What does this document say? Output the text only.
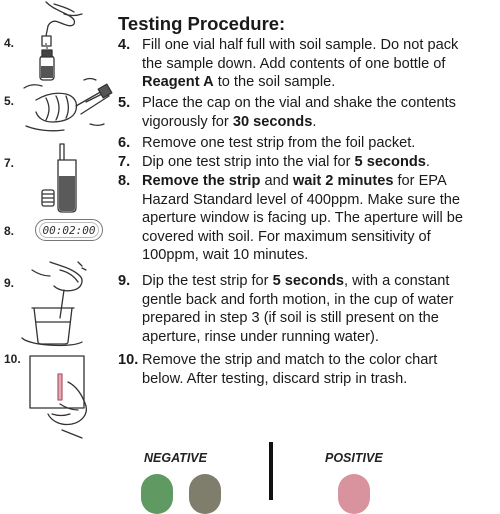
Testing Procedure:
4. Fill one vial half full with soil sample. Do not pack the sample down. Add contents of one bottle of Reagent A to the soil sample.
5. Place the cap on the vial and shake the contents vigorously for 30 seconds.
6. Remove one test strip from the foil packet.
7. Dip one test strip into the vial for 5 seconds.
8. Remove the strip and wait 2 minutes for EPA Hazard Standard level of 400ppm. Make sure the aperture window is facing up. The aperture will be covered with soil. For maximum sensitivity of 100ppm, wait 10 minutes.
9. Dip the test strip for 5 seconds, with a constant gentle back and forth motion, in the cup of water prepared in step 3 (if soil is still present on the aperture, rinse under running water).
10. Remove the strip and match to the color chart below. After testing, discard strip in trash.
4.
5.
7.
8.
9.
10.
00:02:00
NEGATIVE	POSITIVE
